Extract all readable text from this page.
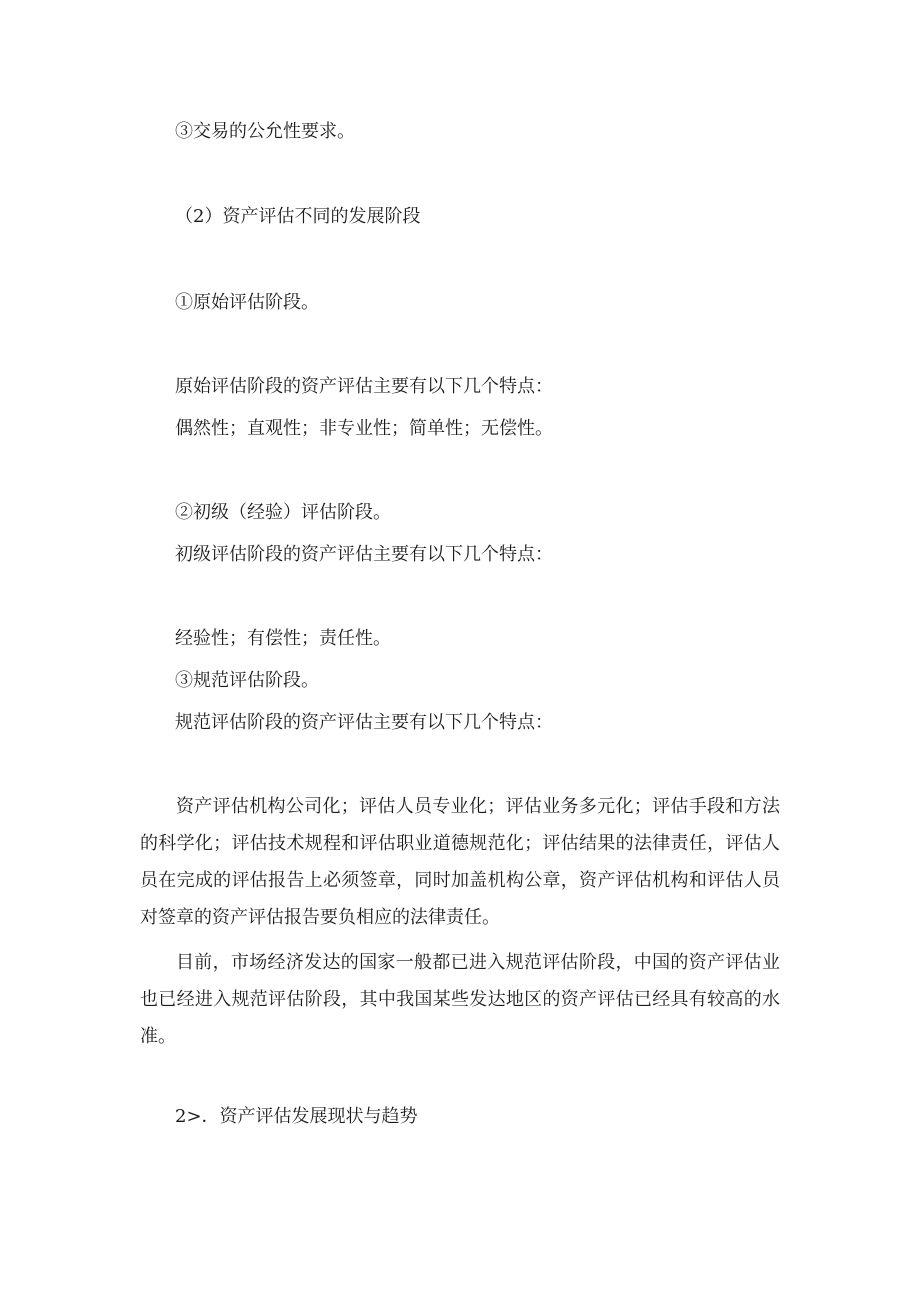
③交易的公允性要求。

（2）资产评估不同的发展阶段

①原始评估阶段。

原始评估阶段的资产评估主要有以下几个特点：

偶然性；直观性；非专业性；简单性；无偿性。

②初级（经验）评估阶段。

初级评估阶段的资产评估主要有以下几个特点：

经验性；有偿性；责任性。

③规范评估阶段。

规范评估阶段的资产评估主要有以下几个特点：

资产评估机构公司化；评估人员专业化；评估业务多元化；评估手段和方法的科学化；评估技术规程和评估职业道德规范化；评估结果的法律责任，评估人员在完成的评估报告上必须签章，同时加盖机构公章，资产评估机构和评估人员对签章的资产评估报告要负相应的法律责任。

目前，市场经济发达的国家一般都已进入规范评估阶段，中国的资产评估业也已经进入规范评估阶段，其中我国某些发达地区的资产评估已经具有较高的水准。

2>．资产评估发展现状与趋势
